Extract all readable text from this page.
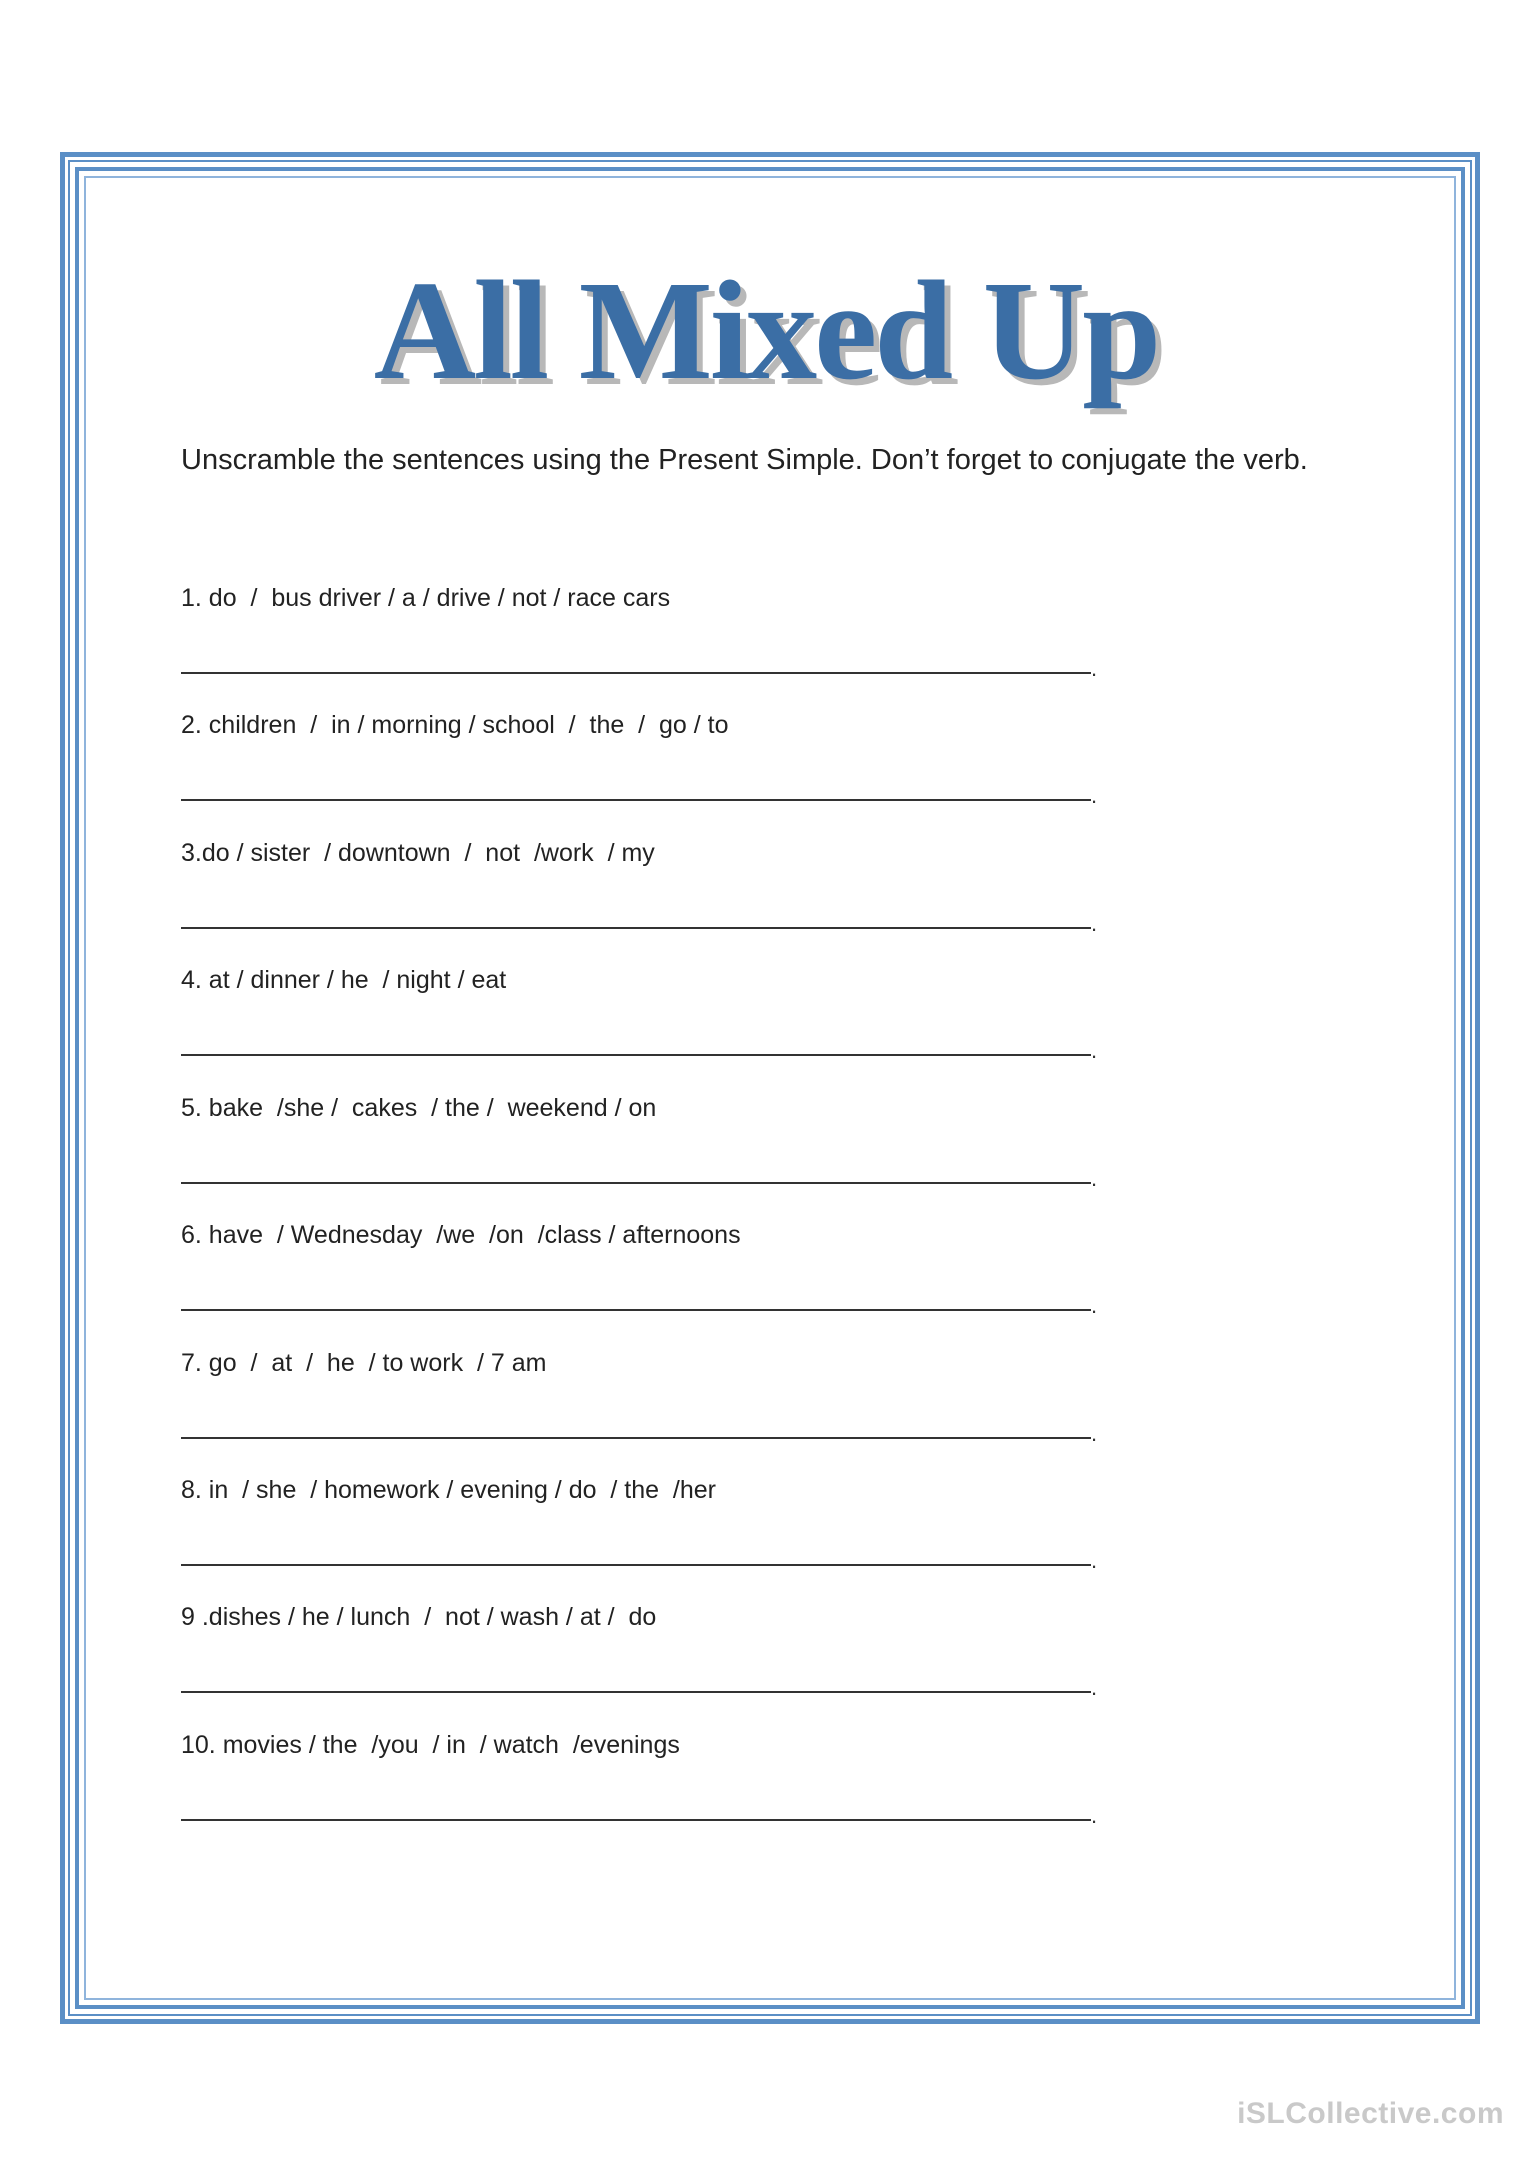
All Mixed Up

Unscramble the sentences using the Present Simple. Don’t forget to conjugate the verb.

1. do  /  bus driver / a / drive / not / race cars

.

2. children  /  in / morning / school  /  the  /  go / to

.

3.do / sister  / downtown  /  not  /work  / my

.

4. at / dinner / he  / night / eat

.

5. bake  /she /  cakes  / the /  weekend / on

.

6. have  / Wednesday  /we  /on  /class / afternoons

.

7. go  /  at  /  he  / to work  / 7 am

.

8. in  / she  / homework / evening / do  / the  /her

.

9 .dishes / he / lunch  /  not / wash / at /  do

.

10. movies / the  /you  / in  / watch  /evenings

.
iSLCollective.com
